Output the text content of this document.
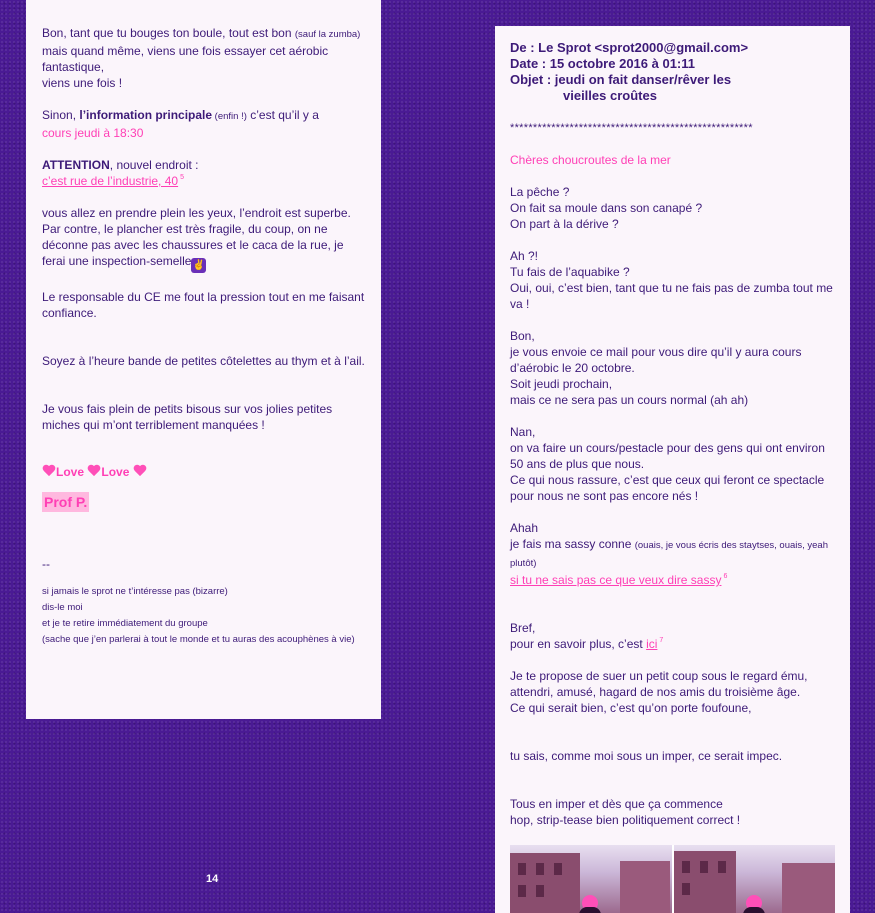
Bon, tant que tu bouges ton boule, tout est bon (sauf la zumba)

mais quand même, viens une fois essayer cet aérobic fantastique,

viens une fois !

Sinon, l’information principale (enfin !) c’est qu’il y a

cours jeudi à 18:30

ATTENTION, nouvel endroit :

c’est rue de l’industrie, 40 $^5$

vous allez en prendre plein les yeux, l’endroit est superbe.

Par contre, le plancher est très fragile, du coup, on ne déconne pas avec les chaussures et le caca de la rue, je ferai une inspection-semelle✌

Le responsable du CE me fout la pression tout en me faisant confiance.

Soyez à l’heure bande de petites côtelettes au thym et à l’ail.

Je vous fais plein de petits bisous sur vos jolies petites miches qui m’ont terriblement manquées !

Love Love

Prof P.

--

si jamais le sprot ne t’intéresse pas (bizarre)

dis-le moi

et je te retire immédiatement du groupe

(sache que j’en parlerai à tout le monde et tu auras des acouphènes à vie)

14
De : Le Sprot <sprot2000@gmail.com>
Date : 15 octobre 2016 à 01:11
Objet : jeudi on fait danser/rêver les
vieilles croûtes

*****************************************************

Chères choucroutes de la mer

La pêche ?

On fait sa moule dans son canapé ?

On part à la dérive ?

Ah ?!

Tu fais de l’aquabike ?

Oui, oui, c’est bien, tant que tu ne fais pas de zumba tout me va !

Bon,

je vous envoie ce mail pour vous dire qu’il y aura cours d’aérobic le 20 octobre.

Soit jeudi prochain,

mais ce ne sera pas un cours normal (ah ah)

Nan,

on va faire un cours/pestacle pour des gens qui ont environ 50 ans de plus que nous.

Ce qui nous rassure, c’est que ceux qui feront ce spectacle pour nous ne sont pas encore nés !

Ahah

je fais ma sassy conne (ouais, je vous écris des staytses, ouais, yeah plutôt)

si tu ne sais pas ce que veux dire sassy $^6$

Bref,

pour en savoir plus, c’est ici $^7$

Je te propose de suer un petit coup sous le regard ému, attendri, amusé, hagard de nos amis du troisième âge.

Ce qui serait bien, c’est qu’on porte foufoune,

tu sais, comme moi sous un imper, ce serait impec.

Tous en imper et dès que ça commence

hop, strip-tease bien politiquement correct !
